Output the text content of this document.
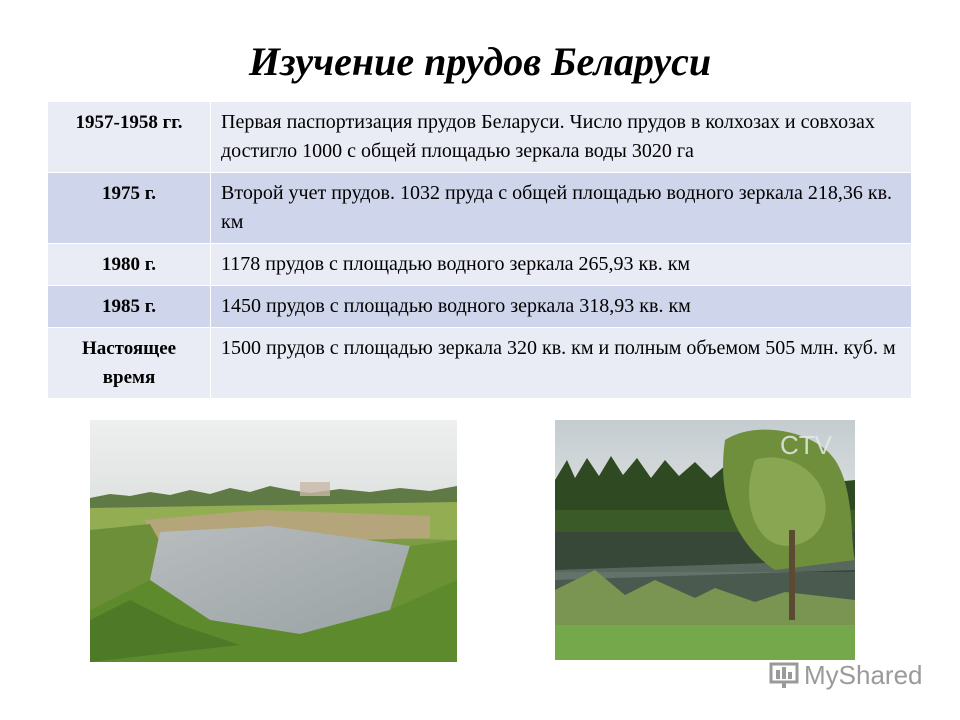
Изучение прудов Беларуси
1957-1958 гг.	Первая паспортизация прудов Беларуси. Число прудов в колхозах и совхозах достигло 1000 с общей площадью зеркала воды 3020 га
1975 г.	Второй учет прудов. 1032 пруда с общей площадью водного зеркала 218,36 кв. км
1980 г.	1178 прудов с площадью водного зеркала 265,93 кв. км
1985 г.	1450 прудов с площадью водного зеркала 318,93 кв. км
Настоящее время	1500 прудов с площадью зеркала 320 кв. км и полным объемом 505 млн. куб. м
CTV
MyShared
